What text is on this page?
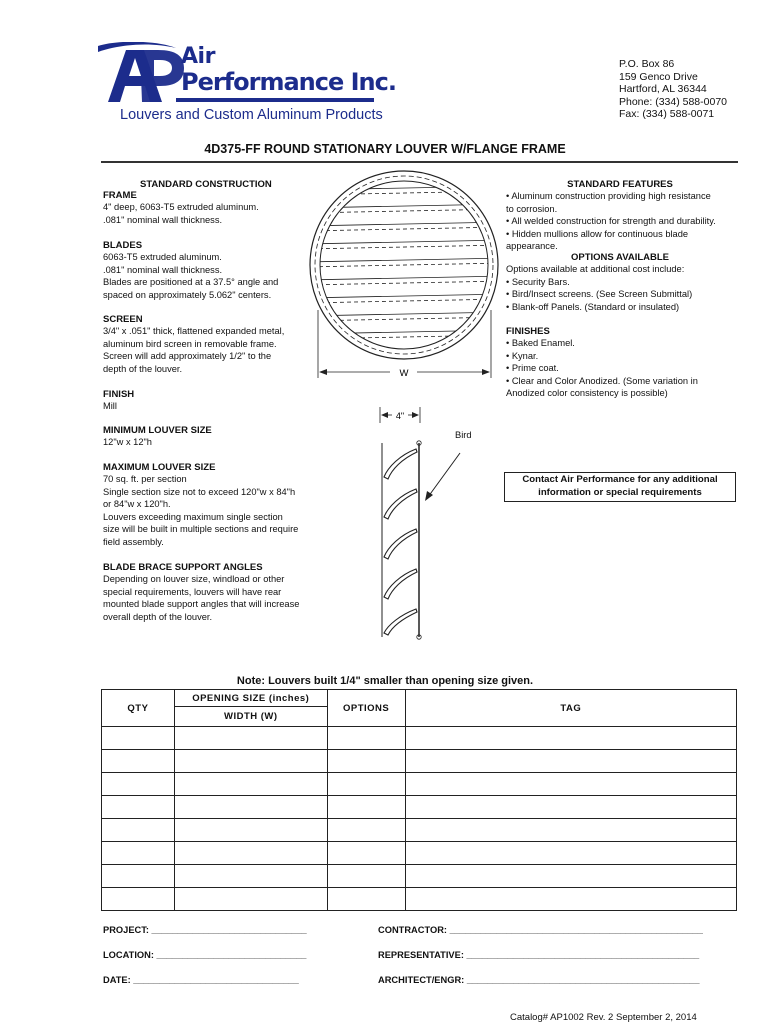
Air
Performance Inc.
Louvers and Custom Aluminum Products
P.O. Box 86
159 Genco Drive
Hartford, AL 36344
Phone: (334) 588-0070
Fax: (334) 588-0071
4D375-FF ROUND STATIONARY LOUVER W/FLANGE FRAME
STANDARD CONSTRUCTION
FRAME
4" deep, 6063-T5 extruded aluminum.
.081" nominal wall thickness.
BLADES
6063-T5 extruded aluminum.
.081" nominal wall thickness.
Blades are positioned at a 37.5° angle and
spaced on approximately 5.062" centers.
SCREEN
3/4" x .051" thick, flattened expanded metal,
aluminum bird screen in removable frame.
Screen will add approximately 1/2" to the
depth of the louver.
FINISH
Mill
MINIMUM LOUVER SIZE
12"w x 12"h
MAXIMUM LOUVER SIZE
70 sq. ft. per section
Single section size not to exceed 120"w x 84"h
or 84"w x 120"h.
Louvers exceeding maximum single section
size will be built in multiple sections and require
field assembly.
BLADE BRACE SUPPORT ANGLES
Depending on louver size, windload or other
special requirements, louvers will have rear
mounted blade support angles that will increase
overall depth of the louver.
STANDARD FEATURES
• Aluminum construction providing high resistance
to corrosion.
• All welded construction for strength and durability.
• Hidden mullions allow for continuous blade
appearance.
OPTIONS AVAILABLE
Options available at additional cost include:
• Security Bars.
• Bird/Insect screens. (See Screen Submittal)
• Blank-off Panels. (Standard or insulated)
FINISHES
• Baked Enamel.
• Kynar.
• Prime coat.
• Clear and Color Anodized. (Some variation in
Anodized color consistency is possible)
W
4"
Bird
Contact Air Performance for any additional
information or special requirements
Note: Louvers built 1/4" smaller than opening size given.
QTY	OPENING SIZE (inches)	OPTIONS	TAG
	WIDTH (W)		

PROJECT: ______________________________
LOCATION: _____________________________
DATE: ________________________________
CONTRACTOR: _________________________________________________
REPRESENTATIVE: _____________________________________________
ARCHITECT/ENGR: _____________________________________________
Catalog# AP1002 Rev. 2 September 2, 2014
